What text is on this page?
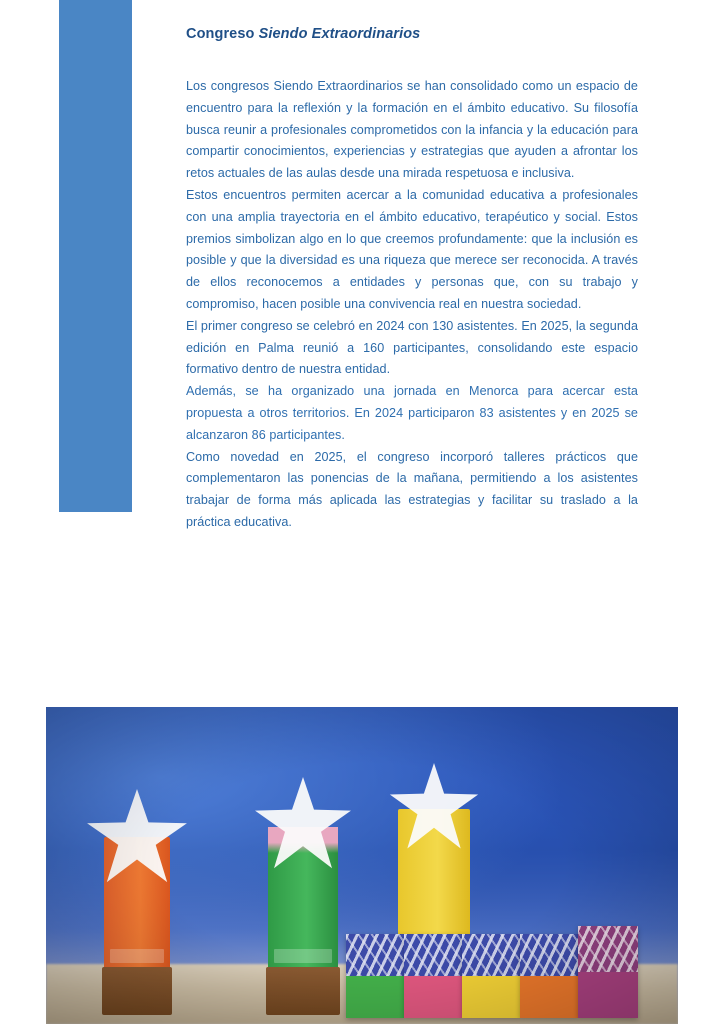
Congreso Siendo Extraordinarios

Los congresos Siendo Extraordinarios se han consolidado como un espacio de encuentro para la reflexión y la formación en el ámbito educativo. Su filosofía busca reunir a profesionales comprometidos con la infancia y la educación para compartir conocimientos, experiencias y estrategias que ayuden a afrontar los retos actuales de las aulas desde una mirada respetuosa e inclusiva.

Estos encuentros permiten acercar a la comunidad educativa a profesionales con una amplia trayectoria en el ámbito educativo, terapéutico y social. Estos premios simbolizan algo en lo que creemos profundamente: que la inclusión es posible y que la diversidad es una riqueza que merece ser reconocida. A través de ellos reconocemos a entidades y personas que, con su trabajo y compromiso, hacen posible una convivencia real en nuestra sociedad.

El primer congreso se celebró en 2024 con 130 asistentes. En 2025, la segunda edición en Palma reunió a 160 participantes, consolidando este espacio formativo dentro de nuestra entidad.

Además, se ha organizado una jornada en Menorca para acercar esta propuesta a otros territorios. En 2024 participaron 83 asistentes y en 2025 se alcanzaron 86 participantes.

Como novedad en 2025, el congreso incorporó talleres prácticos que complementaron las ponencias de la mañana, permitiendo a los asistentes trabajar de forma más aplicada las estrategias y facilitar su traslado a la práctica educativa.
